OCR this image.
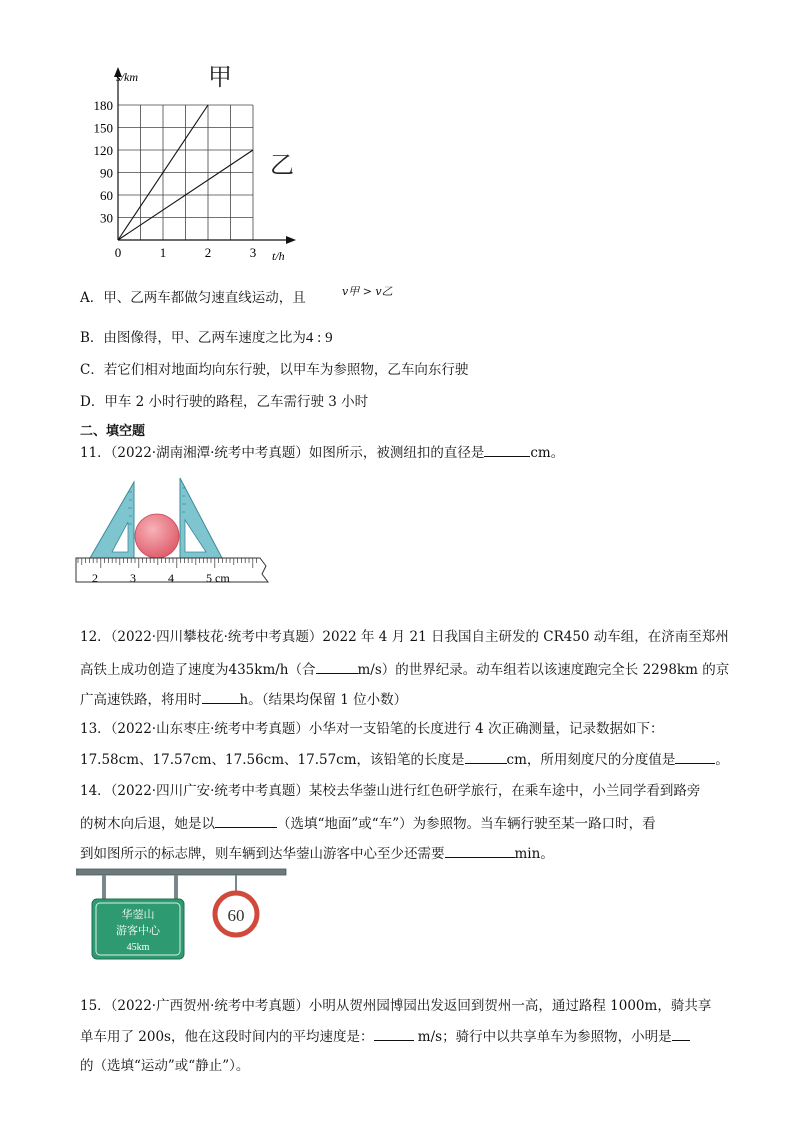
0	1	2	3
30
60
90
120
150
180
s/km
t/h
甲
乙
A．甲、乙两车都做匀速直线运动，且	v甲 > v乙
B．由图像得，甲、乙两车速度之比为4 : 9
C．若它们相对地面均向东行驶，以甲车为参照物，乙车向东行驶
D．甲车 2 小时行驶的路程，乙车需行驶 3 小时
二、填空题
11．（2022·湖南湘潭·统考中考真题）如图所示，被测纽扣的直径是	cm。
2	3	4	5 cm
12．（2022·四川攀枝花·统考中考真题）2022 年 4 月 21 日我国自主研发的 CR450 动车组，在济南至郑州
高铁上成功创造了速度为435km/h（合	m/s）的世界纪录。动车组若以该速度跑完全长 2298km 的京
广高速铁路，将用时	h。（结果均保留 1 位小数）
13．（2022·山东枣庄·统考中考真题）小华对一支铅笔的长度进行 4 次正确测量，记录数据如下：
17.58cm、17.57cm、17.56cm、17.57cm，该铅笔的长度是	cm，所用刻度尺的分度值是	。
14．（2022·四川广安·统考中考真题）某校去华蓥山进行红色研学旅行，在乘车途中，小兰同学看到路旁
的树木向后退，她是以	（选填“地面”或“车”）为参照物。当车辆行驶至某一路口时，看
到如图所示的标志牌，则车辆到达华蓥山游客中心至少还需要	min。
华蓥山
游客中心
45km
60
15．（2022·广西贺州·统考中考真题）小明从贺州园博园出发返回到贺州一高，通过路程 1000m，骑共享
单车用了 200s，他在这段时间内的平均速度是：	m/s；骑行中以共享单车为参照物，小明是
的（选填“运动”或“静止”）。
